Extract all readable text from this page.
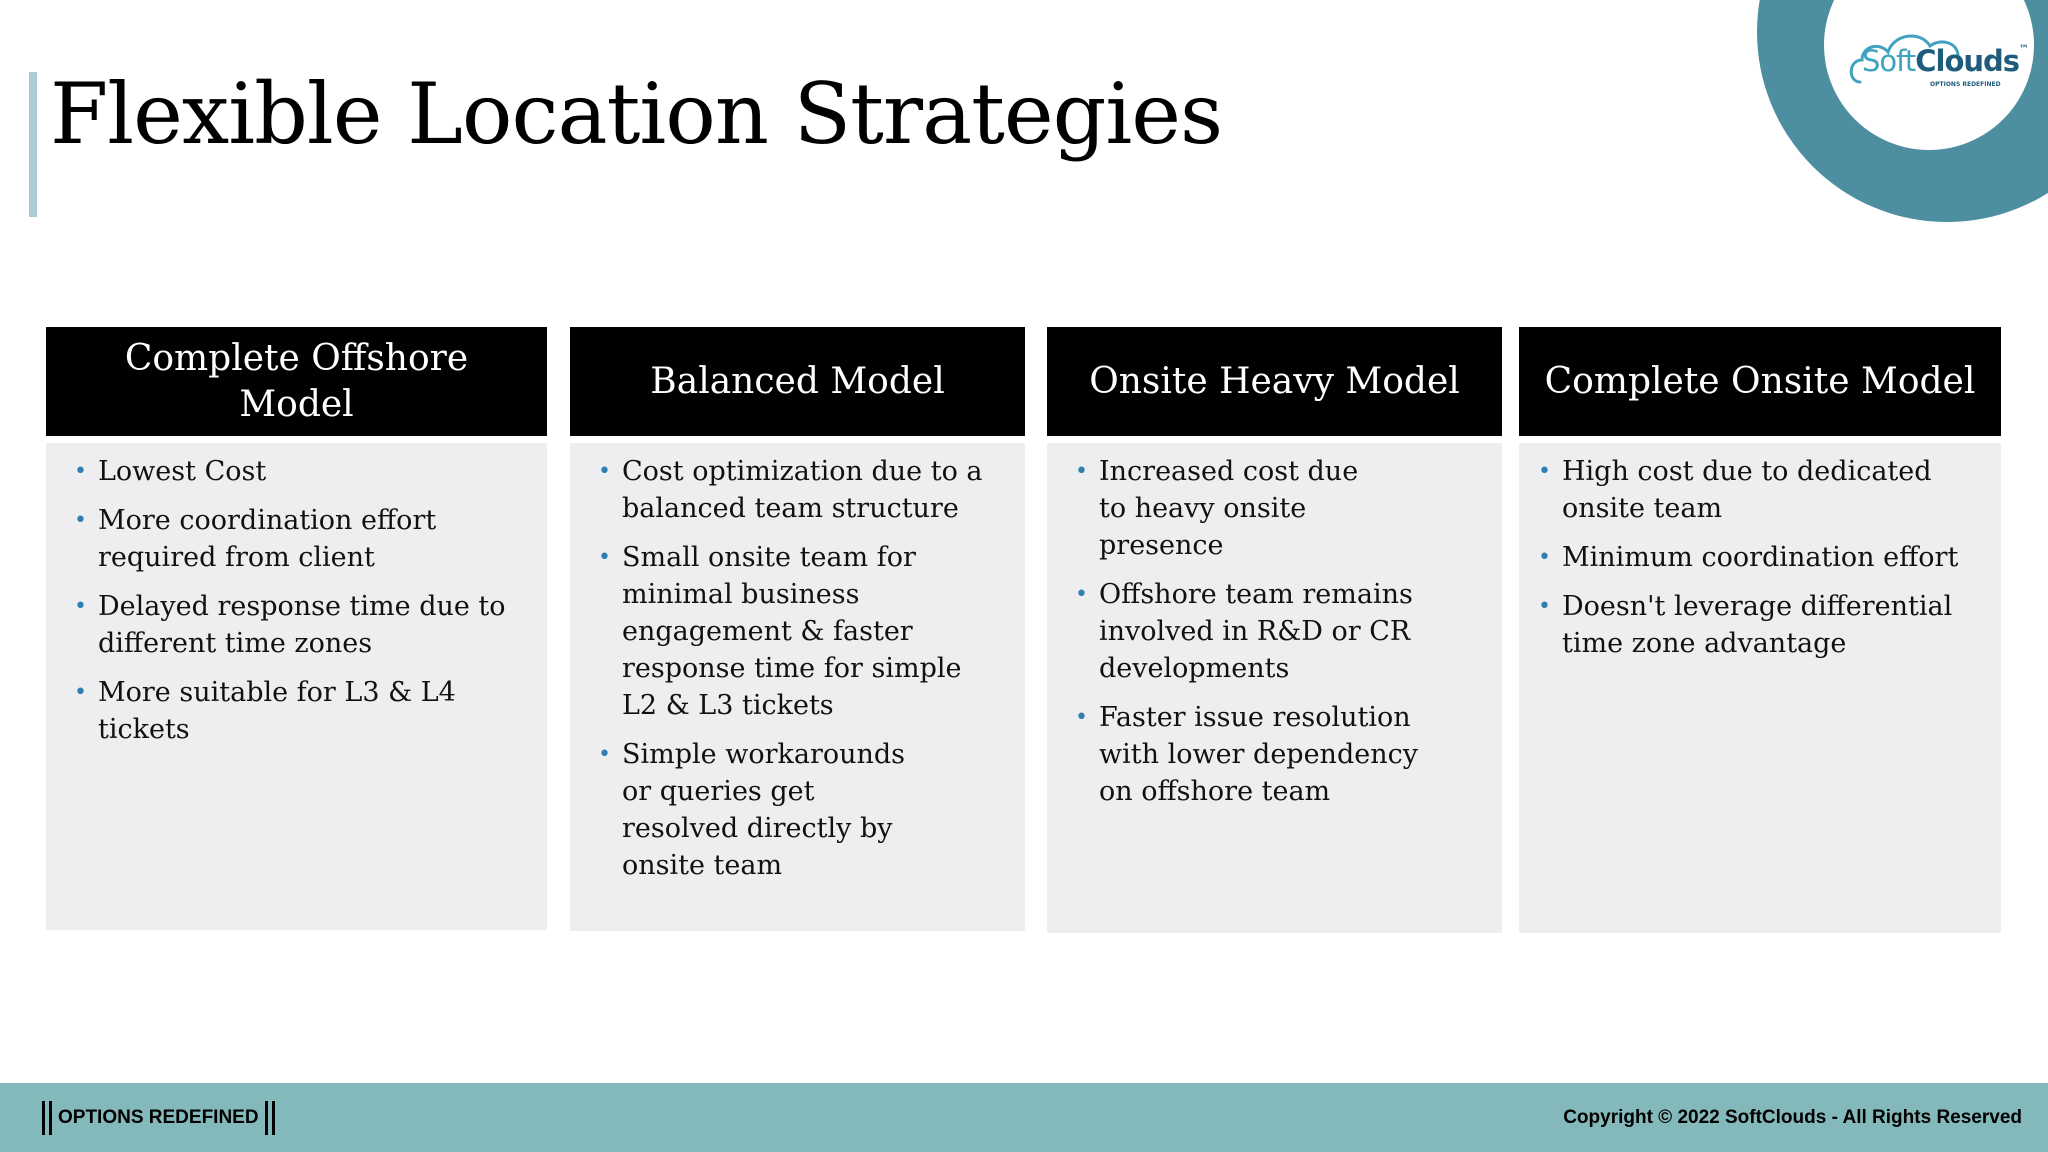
Flexible Location Strategies
SoftClouds™
OPTIONS REDEFINED
Complete Offshore Model
• Lowest Cost
• More coordination effort required from client
• Delayed response time due to different time zones
• More suitable for L3 & L4 tickets
Balanced Model
• Cost optimization due to a balanced team structure
• Small onsite team for minimal business engagement & faster response time for simple L2 & L3 tickets
• Simple workarounds or queries get resolved directly by onsite team
Onsite Heavy Model
• Increased cost due to heavy onsite presence
• Offshore team remains involved in R&D or CR developments
• Faster issue resolution with lower dependency on offshore team
Complete Onsite Model
• High cost due to dedicated onsite team
• Minimum coordination effort
• Doesn't leverage differential time zone advantage
OPTIONS REDEFINED	Copyright © 2022 SoftClouds - All Rights Reserved
